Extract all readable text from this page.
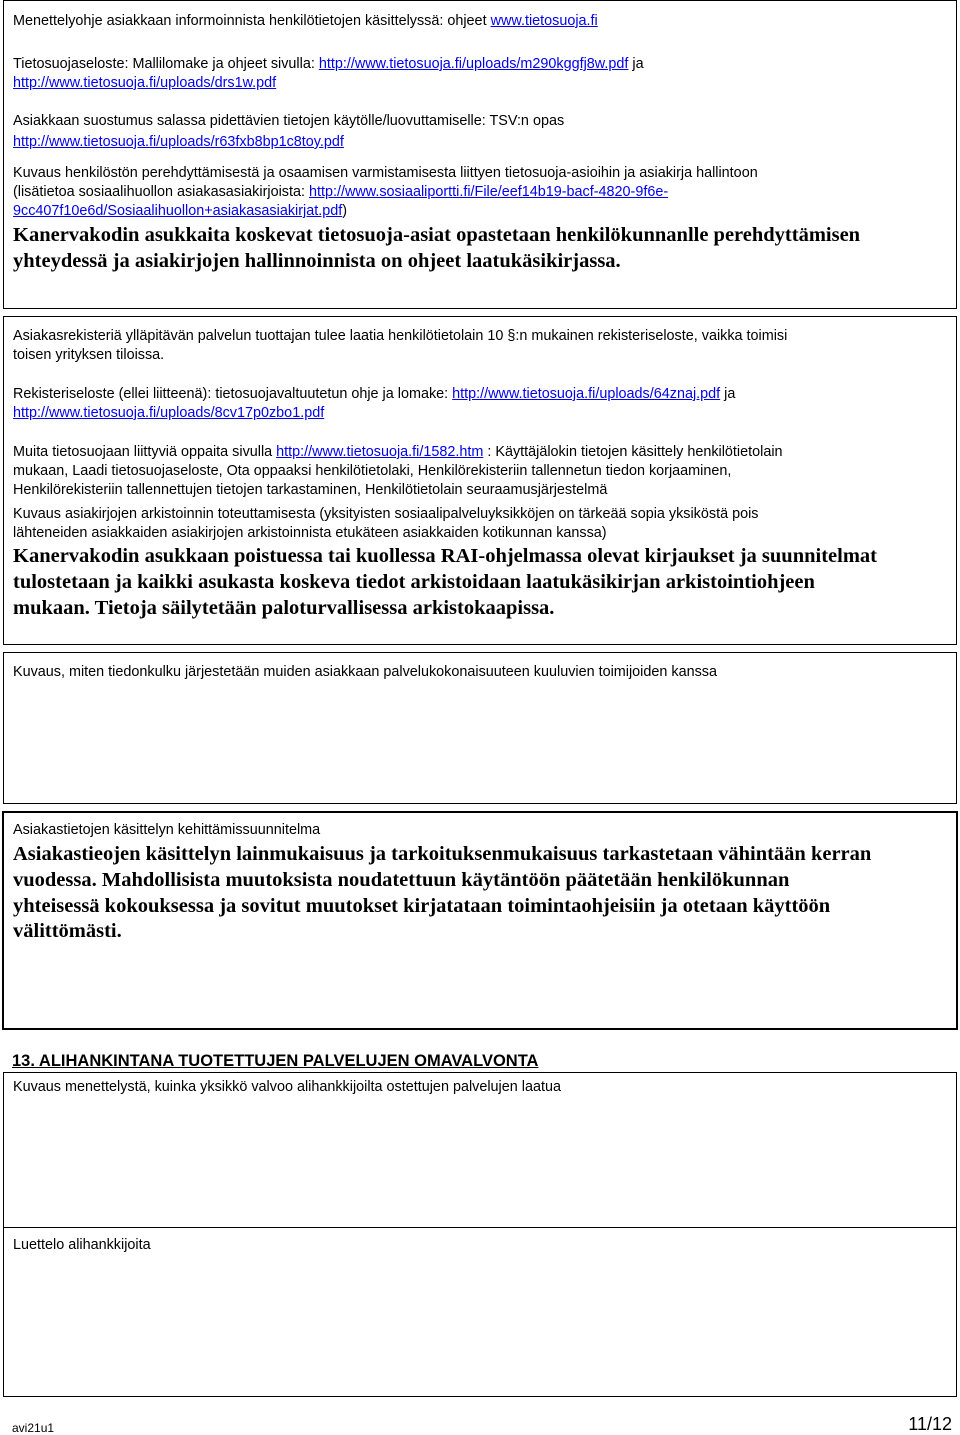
Menettelyohje asiakkaan informoinnista henkilötietojen käsittelyssä: ohjeet www.tietosuoja.fi

Tietosuojaseloste: Mallilomake ja ohjeet sivulla: http://www.tietosuoja.fi/uploads/m290kggfj8w.pdf ja

http://www.tietosuoja.fi/uploads/drs1w.pdf

Asiakkaan suostumus salassa pidettävien tietojen käytölle/luovuttamiselle: TSV:n opas

http://www.tietosuoja.fi/uploads/r63fxb8bp1c8toy.pdf

Kuvaus henkilöstön perehdyttämisestä ja osaamisen varmistamisesta liittyen tietosuoja-asioihin ja asiakirja hallintoon

(lisätietoa sosiaalihuollon asiakasasiakirjoista: http://www.sosiaaliportti.fi/File/eef14b19-bacf-4820-9f6e-

9cc407f10e6d/Sosiaalihuollon+asiakasasiakirjat.pdf)

Kanervakodin asukkaita koskevat tietosuoja-asiat opastetaan henkilökunnanlle perehdyttämisen

yhteydessä ja asiakirjojen hallinnoinnista on ohjeet laatukäsikirjassa.

Asiakasrekisteriä ylläpitävän palvelun tuottajan tulee laatia henkilötietolain 10 §:n mukainen rekisteriseloste, vaikka toimisi

toisen yrityksen tiloissa.

Rekisteriseloste (ellei liitteenä): tietosuojavaltuutetun ohje ja lomake: http://www.tietosuoja.fi/uploads/64znaj.pdf ja

http://www.tietosuoja.fi/uploads/8cv17p0zbo1.pdf

Muita tietosuojaan liittyviä oppaita sivulla http://www.tietosuoja.fi/1582.htm : Käyttäjälokin tietojen käsittely henkilötietolain

mukaan, Laadi tietosuojaseloste, Ota oppaaksi henkilötietolaki, Henkilörekisteriin tallennetun tiedon korjaaminen,

Henkilörekisteriin tallennettujen tietojen tarkastaminen, Henkilötietolain seuraamusjärjestelmä

Kuvaus asiakirjojen arkistoinnin toteuttamisesta (yksityisten sosiaalipalveluyksikköjen on tärkeää sopia yksiköstä pois

lähteneiden asiakkaiden asiakirjojen arkistoinnista etukäteen asiakkaiden kotikunnan kanssa)

Kanervakodin asukkaan poistuessa tai kuollessa RAI-ohjelmassa olevat kirjaukset ja suunnitelmat

tulostetaan ja kaikki asukasta koskeva tiedot arkistoidaan laatukäsikirjan arkistointiohjeen

mukaan. Tietoja säilytetään paloturvallisessa arkistokaapissa.

Kuvaus, miten tiedonkulku järjestetään muiden asiakkaan palvelukokonaisuuteen kuuluvien toimijoiden kanssa

Asiakastietojen käsittelyn kehittämissuunnitelma

Asiakastieojen käsittelyn lainmukaisuus ja tarkoituksenmukaisuus tarkastetaan vähintään kerran

vuodessa. Mahdollisista muutoksista noudatettuun käytäntöön päätetään henkilökunnan

yhteisessä kokouksessa ja sovitut muutokset kirjatataan toimintaohjeisiin ja otetaan käyttöön

välittömästi.

13. ALIHANKINTANA TUOTETTUJEN PALVELUJEN OMAVALVONTA

Kuvaus menettelystä, kuinka yksikkö valvoo alihankkijoilta ostettujen palvelujen laatua

Luettelo alihankkijoita

avi21u1	11/12
